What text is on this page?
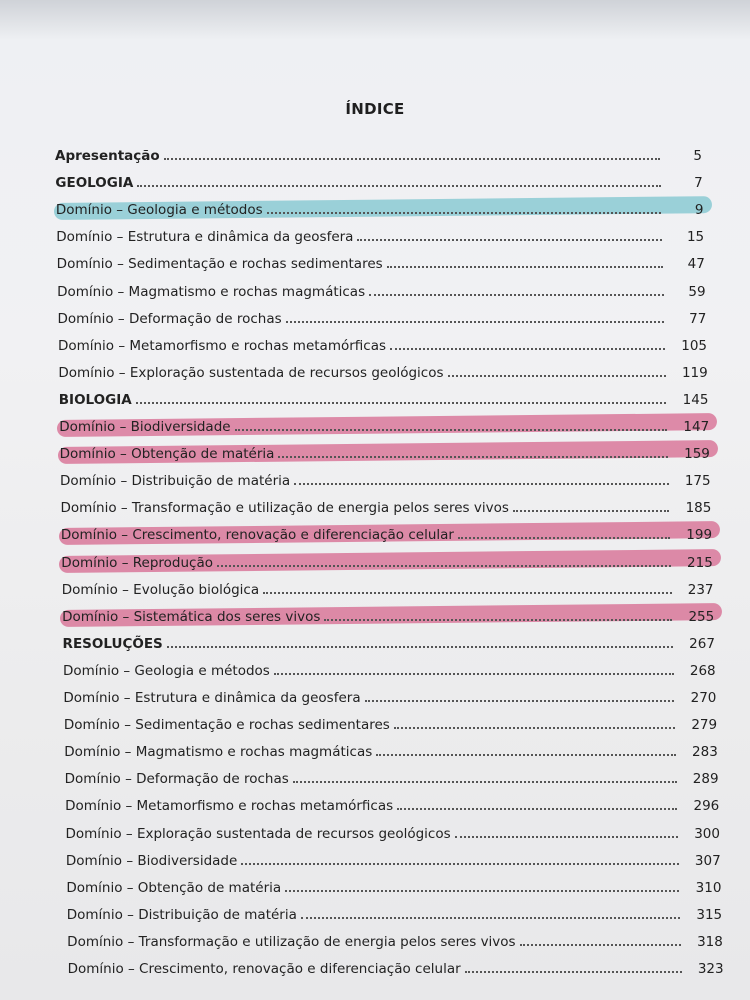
ÍNDICE
Apresentação	5
GEOLOGIA	7
Domínio – Geologia e métodos	9
Domínio – Estrutura e dinâmica da geosfera	15
Domínio – Sedimentação e rochas sedimentares	47
Domínio – Magmatismo e rochas magmáticas	59
Domínio – Deformação de rochas	77
Domínio – Metamorfismo e rochas metamórficas	105
Domínio – Exploração sustentada de recursos geológicos	119
BIOLOGIA	145
Domínio – Biodiversidade	147
Domínio – Obtenção de matéria	159
Domínio – Distribuição de matéria	175
Domínio – Transformação e utilização de energia pelos seres vivos	185
Domínio – Crescimento, renovação e diferenciação celular	199
Domínio – Reprodução	215
Domínio – Evolução biológica	237
Domínio – Sistemática dos seres vivos	255
RESOLUÇÕES	267
Domínio – Geologia e métodos	268
Domínio – Estrutura e dinâmica da geosfera	270
Domínio – Sedimentação e rochas sedimentares	279
Domínio – Magmatismo e rochas magmáticas	283
Domínio – Deformação de rochas	289
Domínio – Metamorfismo e rochas metamórficas	296
Domínio – Exploração sustentada de recursos geológicos	300
Domínio – Biodiversidade	307
Domínio – Obtenção de matéria	310
Domínio – Distribuição de matéria	315
Domínio – Transformação e utilização de energia pelos seres vivos	318
Domínio – Crescimento, renovação e diferenciação celular	323
